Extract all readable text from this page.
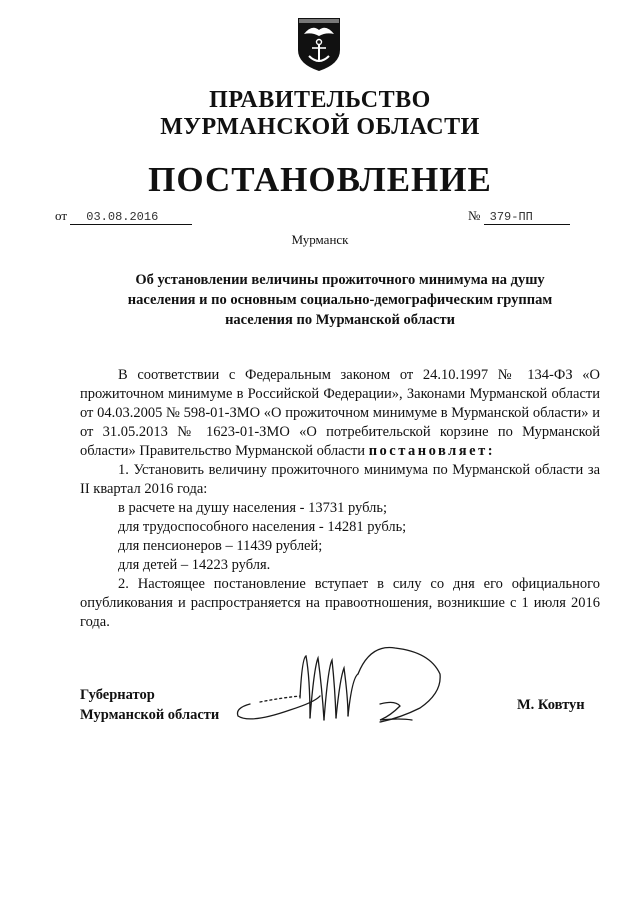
ПРАВИТЕЛЬСТВО
МУРМАНСКОЙ ОБЛАСТИ
ПОСТАНОВЛЕНИЕ
от 03.08.2016	№ 379-ПП
Мурманск
Об установлении величины прожиточного минимума на душу населения и по основным социально-демографическим группам населения по Мурманской области

В соответствии с Федеральным законом от 24.10.1997 № 134-ФЗ «О прожиточном минимуме в Российской Федерации», Законами Мурманской области от 04.03.2005 № 598-01-ЗМО «О прожиточном минимуме в Мурманской области» и от 31.05.2013 № 1623-01-ЗМО «О потребительской корзине по Мурманской области» Правительство Мурманской области постановляет:

1. Установить величину прожиточного минимума по Мурманской области за II квартал 2016 года:

в расчете на душу населения - 13731 рубль;

для трудоспособного населения - 14281 рубль;

для пенсионеров – 11439 рублей;

для детей – 14223 рубля.

2. Настоящее постановление вступает в силу со дня его официального опубликования и распространяется на правоотношения, возникшие с 1 июля 2016 года.

Губернатор
Мурманской области
М. Ковтун
